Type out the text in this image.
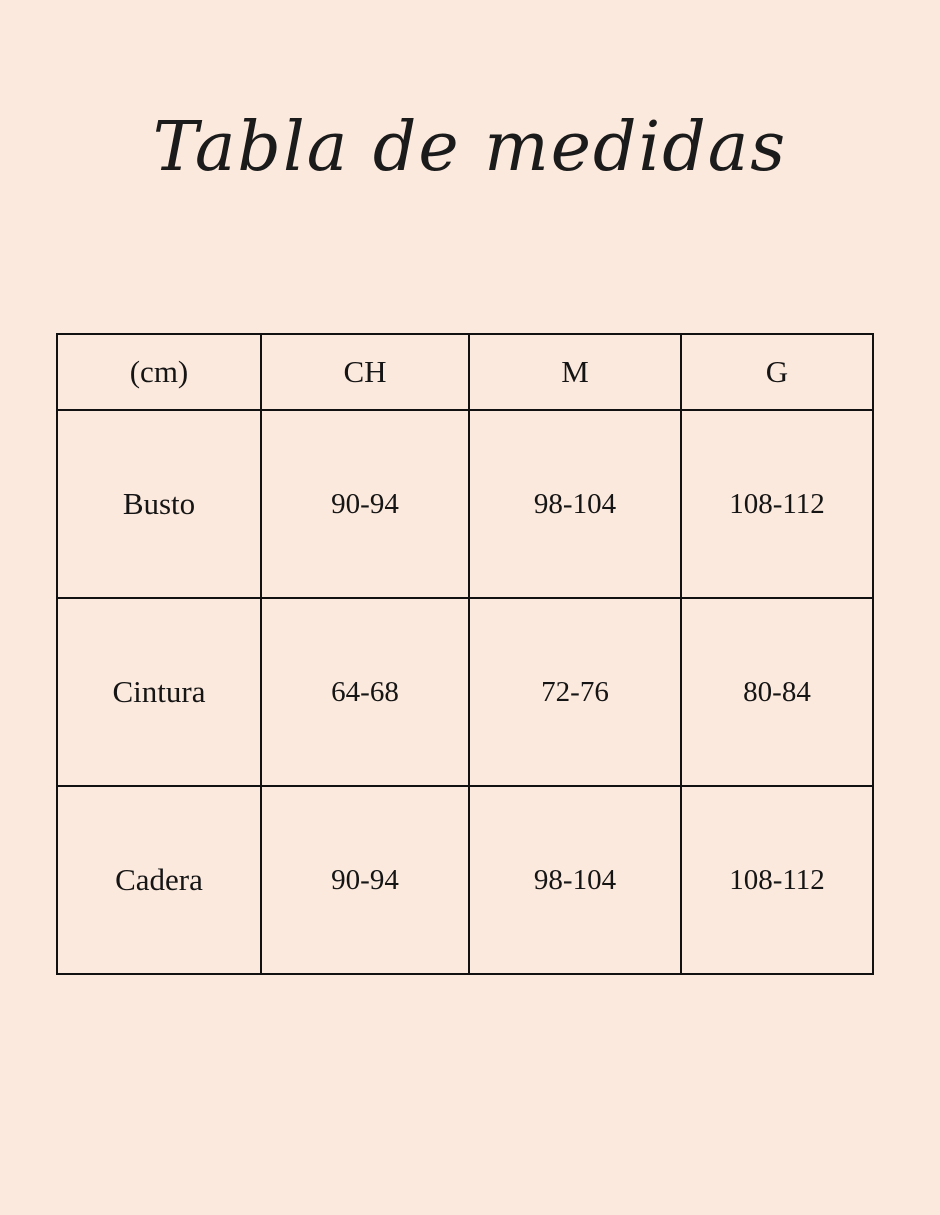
Tabla de medidas
(cm)	CH	M	G
Busto	90-94	98-104	108-112
Cintura	64-68	72-76	80-84
Cadera	90-94	98-104	108-112
